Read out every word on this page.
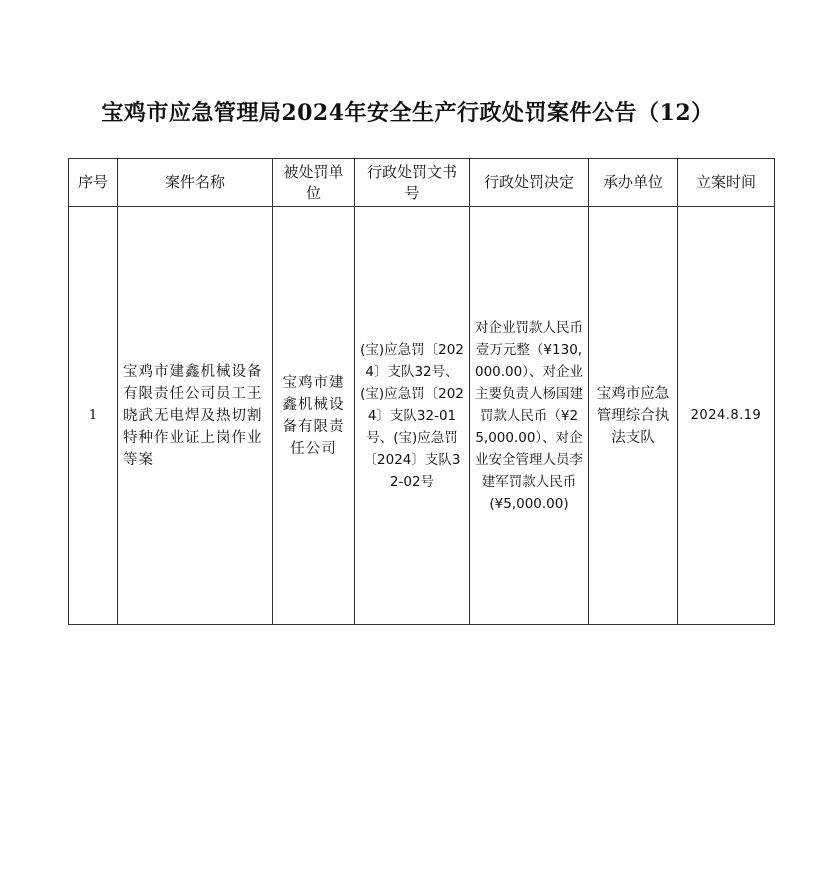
宝鸡市应急管理局2024年安全生产行政处罚案件公告（12）
序号	案件名称	被处罚单位	行政处罚文书号	行政处罚决定	承办单位	立案时间
1	宝鸡市建鑫机械设备有限责任公司员工王晓武无电焊及热切割特种作业证上岗作业等案	宝鸡市建鑫机械设备有限责任公司	(宝)应急罚〔2024〕支队32号、(宝)应急罚〔2024〕支队32-01号、(宝)应急罚〔2024〕支队32-02号	对企业罚款人民币壹万元整（¥130,000.00）、对企业主要负责人杨国建罚款人民币（¥25,000.00）、对企业安全管理人员李建军罚款人民币(¥5,000.00)	宝鸡市应急管理综合执法支队	2024.8.19
